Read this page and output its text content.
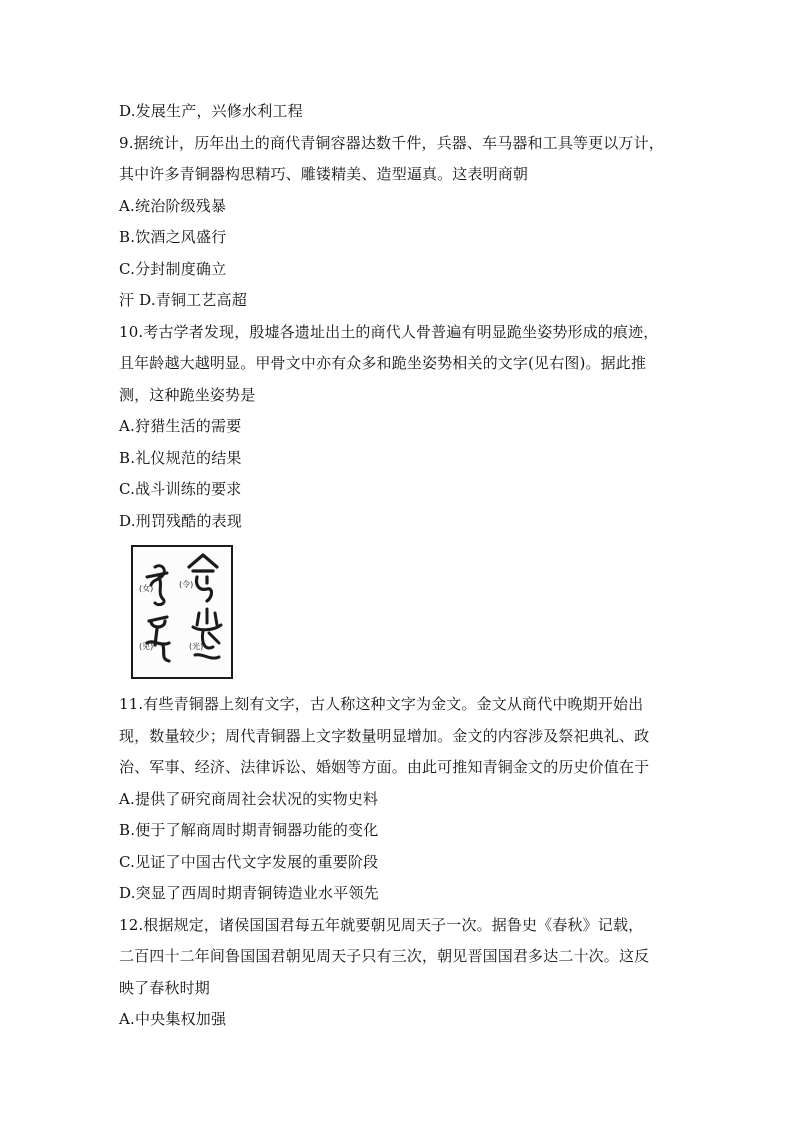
D.发展生产，兴修水利工程
9.据统计，历年出土的商代青铜容器达数千件，兵器、车马器和工具等更以万计，
其中许多青铜器构思精巧、雕镂精美、造型逼真。这表明商朝
A.统治阶级残暴
B.饮酒之风盛行
C.分封制度确立
汗 D.青铜工艺高超
10.考古学者发现，殷墟各遗址出土的商代人骨普遍有明显跪坐姿势形成的痕迹，
且年龄越大越明显。甲骨文中亦有众多和跪坐姿势相关的文字(见右图)。据此推
测，这种跪坐姿势是
A.狩猎生活的需要
B.礼仪规范的结果
C.战斗训练的要求
D.刑罚残酷的表现
(女)	(令)
(见)	(光)
11.有些青铜器上刻有文字，古人称这种文字为金文。金文从商代中晚期开始出
现，数量较少；周代青铜器上文字数量明显增加。金文的内容涉及祭祀典礼、政
治、军事、经济、法律诉讼、婚姻等方面。由此可推知青铜金文的历史价值在于
A.提供了研究商周社会状况的实物史料
B.便于了解商周时期青铜器功能的变化
C.见证了中国古代文字发展的重要阶段
D.突显了西周时期青铜铸造业水平领先
12.根据规定，诸侯国国君每五年就要朝见周天子一次。据鲁史《春秋》记载，
二百四十二年间鲁国国君朝见周天子只有三次，朝见晋国国君多达二十次。这反
映了春秋时期
A.中央集权加强
